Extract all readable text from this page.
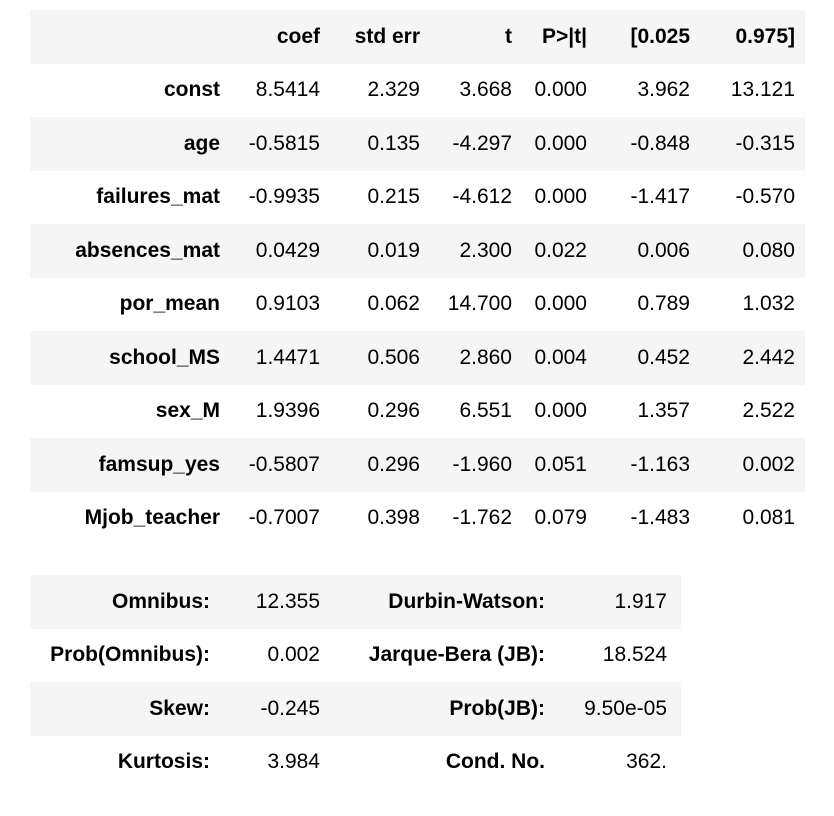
	coef	std err	t	P>|t|	[0.025	0.975]
const	8.5414	2.329	3.668	0.000	3.962	13.121
age	-0.5815	0.135	-4.297	0.000	-0.848	-0.315
failures_mat	-0.9935	0.215	-4.612	0.000	-1.417	-0.570
absences_mat	0.0429	0.019	2.300	0.022	0.006	0.080
por_mean	0.9103	0.062	14.700	0.000	0.789	1.032
school_MS	1.4471	0.506	2.860	0.004	0.452	2.442
sex_M	1.9396	0.296	6.551	0.000	1.357	2.522
famsup_yes	-0.5807	0.296	-1.960	0.051	-1.163	0.002
Mjob_teacher	-0.7007	0.398	-1.762	0.079	-1.483	0.081
Omnibus:	12.355	Durbin-Watson:	1.917
Prob(Omnibus):	0.002	Jarque-Bera (JB):	18.524
Skew:	-0.245	Prob(JB):	9.50e-05
Kurtosis:	3.984	Cond. No.	362.
